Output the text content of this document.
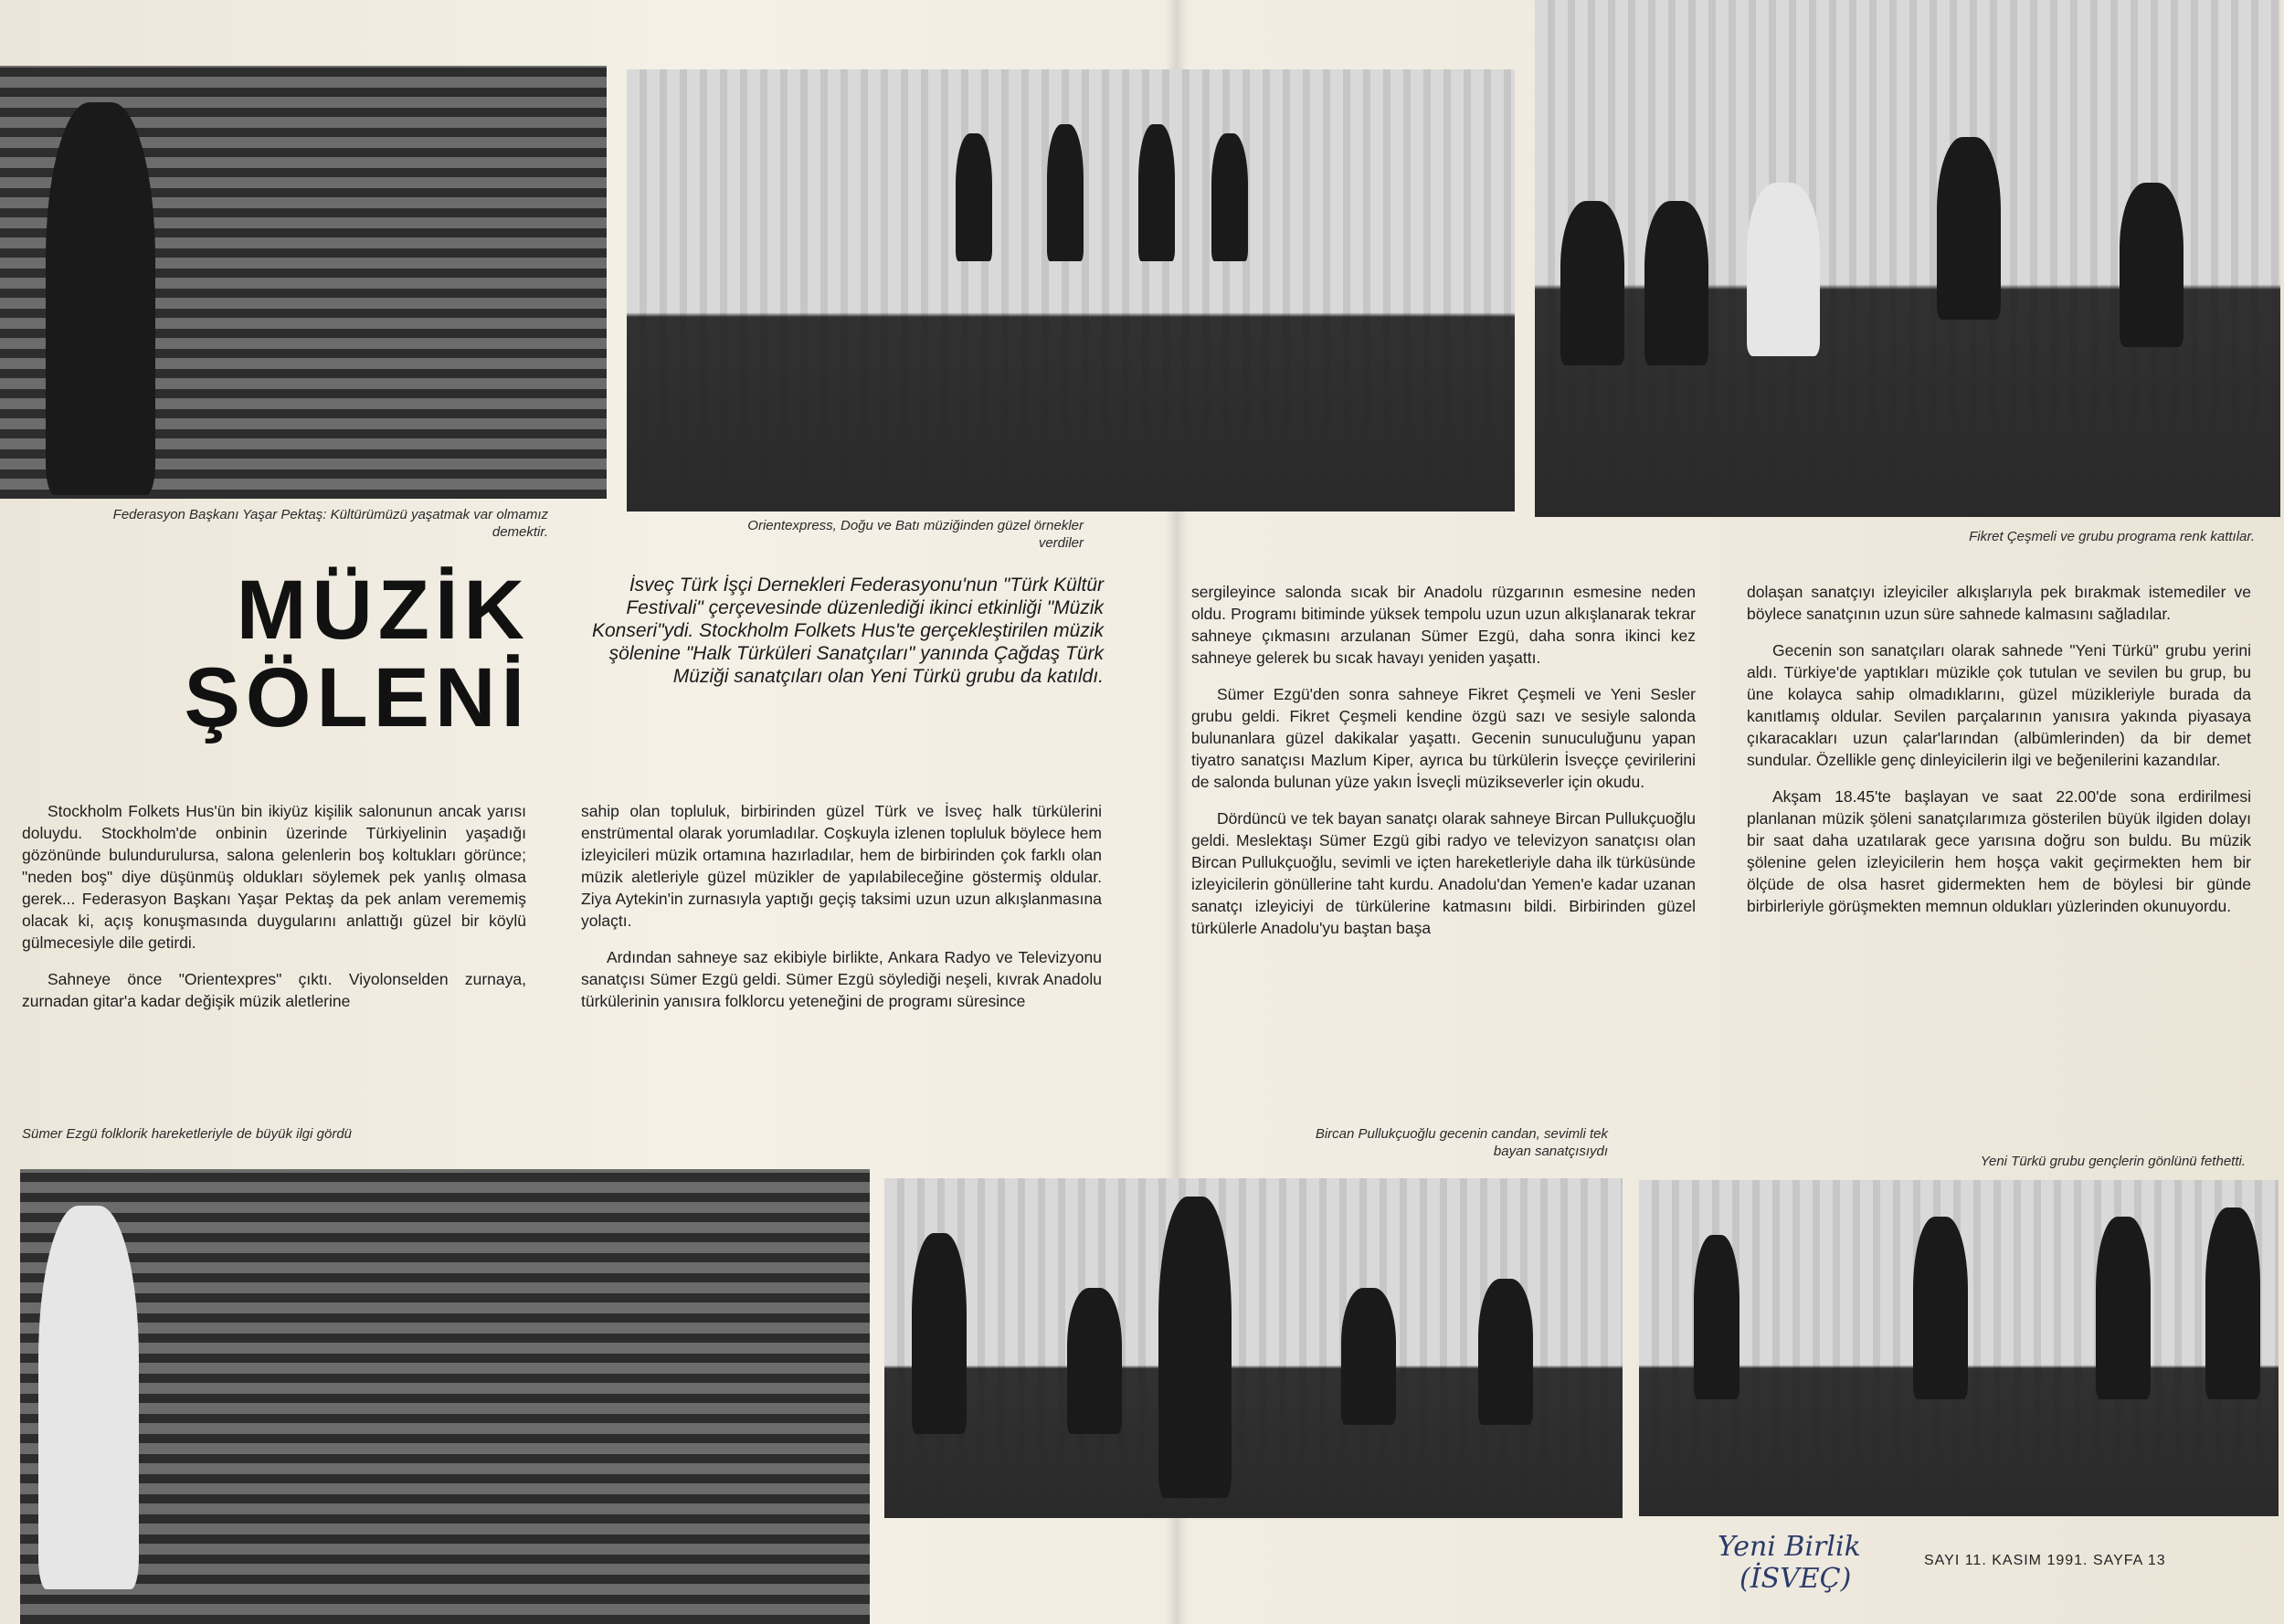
Federasyon Başkanı Yaşar Pektaş: Kültürümüzü yaşatmak var olmamız demektir.	Orientexpress, Doğu ve Batı müziğinden güzel örnekler verdiler	Fikret Çeşmeli ve grubu programa renk kattılar.
MÜZİK
ŞÖLENİ
İsveç Türk İşçi Dernekleri Federasyonu'nun "Türk Kültür Festivali" çerçevesinde düzenlediği ikinci etkinliği "Müzik Konseri"ydi. Stockholm Folkets Hus'te gerçekleştirilen müzik şölenine "Halk Türküleri Sanatçıları" yanında Çağdaş Türk Müziği sanatçıları olan Yeni Türkü grubu da katıldı.

Stockholm Folkets Hus'ün bin ikiyüz kişilik salonunun ancak yarısı doluydu. Stockholm'de onbinin üzerinde Türkiyelinin yaşadığı gözönünde bulundurulursa, salona gelenlerin boş koltukları görünce; "neden boş" diye düşünmüş oldukları söylemek pek yanlış olmasa gerek... Federasyon Başkanı Yaşar Pektaş da pek anlam verememiş olacak ki, açış konuşmasında duygularını anlattığı güzel bir köylü gülmecesiyle dile getirdi.

Sahneye önce "Orientexpres" çıktı. Viyolonselden zurnaya, zurnadan gitar'a kadar değişik müzik aletlerine

sahip olan topluluk, birbirinden güzel Türk ve İsveç halk türkülerini enstrümental olarak yorumladılar. Coşkuyla izlenen topluluk böylece hem izleyicileri müzik ortamına hazırladılar, hem de birbirinden çok farklı olan müzik aletleriyle güzel müzikler de yapılabileceğine göstermiş oldular. Ziya Aytekin'in zurnasıyla yaptığı geçiş taksimi uzun uzun alkışlanmasına yolaçtı.

Ardından sahneye saz ekibiyle birlikte, Ankara Radyo ve Televizyonu sanatçısı Sümer Ezgü geldi. Sümer Ezgü söylediği neşeli, kıvrak Anadolu türkülerinin yanısıra folklorcu yeteneğini de programı süresince

sergileyince salonda sıcak bir Anadolu rüzgarının esmesine neden oldu. Programı bitiminde yüksek tempolu uzun uzun alkışlanarak tekrar sahneye çıkmasını arzulanan Sümer Ezgü, daha sonra ikinci kez sahneye gelerek bu sıcak havayı yeniden yaşattı.

Sümer Ezgü'den sonra sahneye Fikret Çeşmeli ve Yeni Sesler grubu geldi. Fikret Çeşmeli kendine özgü sazı ve sesiyle salonda bulunanlara güzel dakikalar yaşattı. Gecenin sunuculuğunu yapan tiyatro sanatçısı Mazlum Kiper, ayrıca bu türkülerin İsveççe çevirilerini de salonda bulunan yüze yakın İsveçli müzikseverler için okudu.

Dördüncü ve tek bayan sanatçı olarak sahneye Bircan Pullukçuoğlu geldi. Meslektaşı Sümer Ezgü gibi radyo ve televizyon sanatçısı olan Bircan Pullukçuoğlu, sevimli ve içten hareketleriyle daha ilk türküsünde izleyicilerin gönüllerine taht kurdu. Anadolu'dan Yemen'e kadar uzanan sanatçı izleyiciyi de türkülerine katmasını bildi. Birbirinden güzel türkülerle Anadolu'yu baştan başa

dolaşan sanatçıyı izleyiciler alkışlarıyla pek bırakmak istemediler ve böylece sanatçının uzun süre sahnede kalmasını sağladılar.

Gecenin son sanatçıları olarak sahnede "Yeni Türkü" grubu yerini aldı. Türkiye'de yaptıkları müzikle çok tutulan ve sevilen bu grup, bu üne kolayca sahip olmadıklarını, güzel müzikleriyle burada da kanıtlamış oldular. Sevilen parçalarının yanısıra yakında piyasaya çıkaracakları uzun çalar'larından (albümlerinden) da bir demet sundular. Özellikle genç dinleyicilerin ilgi ve beğenilerini kazandılar.

Akşam 18.45'te başlayan ve saat 22.00'de sona erdirilmesi planlanan müzik şöleni sanatçılarımıza gösterilen büyük ilgiden dolayı bir saat daha uzatılarak gece yarısına doğru son buldu. Bu müzik şölenine gelen izleyicilerin hem hoşça vakit geçirmekten hem bir ölçüde de olsa hasret gidermekten hem de böylesi bir günde birbirleriyle görüşmekten memnun oldukları yüzlerinden okunuyordu.

Sümer Ezgü folklorik hareketleriyle de büyük ilgi gördü	Bircan Pullukçuoğlu gecenin candan, sevimli tek bayan sanatçısıydı
Yeni Türkü grubu gençlerin gönlünü fethetti.
SAYI 11. KASIM 1991. SAYFA 13
Yeni Birlik
(İSVEÇ)
